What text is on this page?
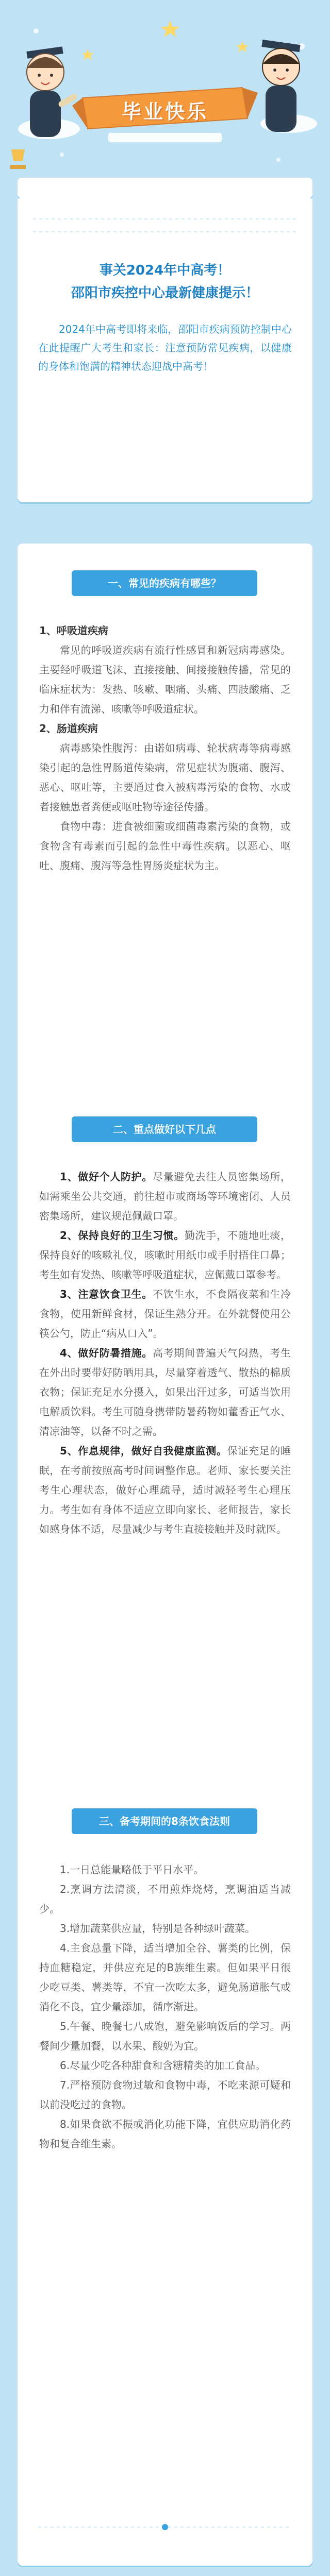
毕业快乐
事关2024年中高考！
邵阳市疾控中心最新健康提示！

2024年中高考即将来临，邵阳市疾病预防控制中心在此提醒广大考生和家长：注意预防常见疾病，以健康的身体和饱满的精神状态迎战中高考！

一、常见的疾病有哪些？

1、呼吸道疾病

常见的呼吸道疾病有流行性感冒和新冠病毒感染。主要经呼吸道飞沫、直接接触、间接接触传播，常见的临床症状为：发热、咳嗽、咽痛、头痛、四肢酸痛、乏力和伴有流涕、咳嗽等呼吸道症状。

2、肠道疾病

病毒感染性腹泻：由诺如病毒、轮状病毒等病毒感染引起的急性胃肠道传染病，常见症状为腹痛、腹泻、恶心、呕吐等，主要通过食入被病毒污染的食物、水或者接触患者粪便或呕吐物等途径传播。

食物中毒：进食被细菌或细菌毒素污染的食物，或食物含有毒素而引起的急性中毒性疾病。以恶心、呕吐、腹痛、腹泻等急性胃肠炎症状为主。

二、重点做好以下几点

1、做好个人防护。尽量避免去往人员密集场所，如需乘坐公共交通，前往超市或商场等环境密闭、人员密集场所，建议规范佩戴口罩。

2、保持良好的卫生习惯。勤洗手，不随地吐痰，保持良好的咳嗽礼仪，咳嗽时用纸巾或手肘捂住口鼻；考生如有发热、咳嗽等呼吸道症状，应佩戴口罩参考。

3、注意饮食卫生。不饮生水，不食隔夜菜和生冷食物，使用新鲜食材，保证生熟分开。在外就餐使用公筷公勺，防止“病从口入”。

4、做好防暑措施。高考期间普遍天气闷热，考生在外出时要带好防晒用具，尽量穿着透气、散热的棉质衣物；保证充足水分摄入，如果出汗过多，可适当饮用电解质饮料。考生可随身携带防暑药物如藿香正气水、清凉油等，以备不时之需。

5、作息规律，做好自我健康监测。保证充足的睡眠，在考前按照高考时间调整作息。老师、家长要关注考生心理状态，做好心理疏导，适时减轻考生心理压力。考生如有身体不适应立即向家长、老师报告，家长如感身体不适，尽量减少与考生直接接触并及时就医。

三、备考期间的8条饮食法则

1.一日总能量略低于平日水平。

2.烹调方法清淡，不用煎炸烧烤，烹调油适当减少。

3.增加蔬菜供应量，特别是各种绿叶蔬菜。

4.主食总量下降，适当增加全谷、薯类的比例，保持血糖稳定，并供应充足的B族维生素。但如果平日很少吃豆类、薯类等，不宜一次吃太多，避免肠道胀气或消化不良，宜少量添加，循序渐进。

5.午餐、晚餐七八成饱，避免影响饭后的学习。两餐间少量加餐，以水果、酸奶为宜。

6.尽量少吃各种甜食和含糖精类的加工食品。

7.严格预防食物过敏和食物中毒，不吃来源可疑和以前没吃过的食物。

8.如果食欲不振或消化功能下降，宜供应助消化药物和复合维生素。
